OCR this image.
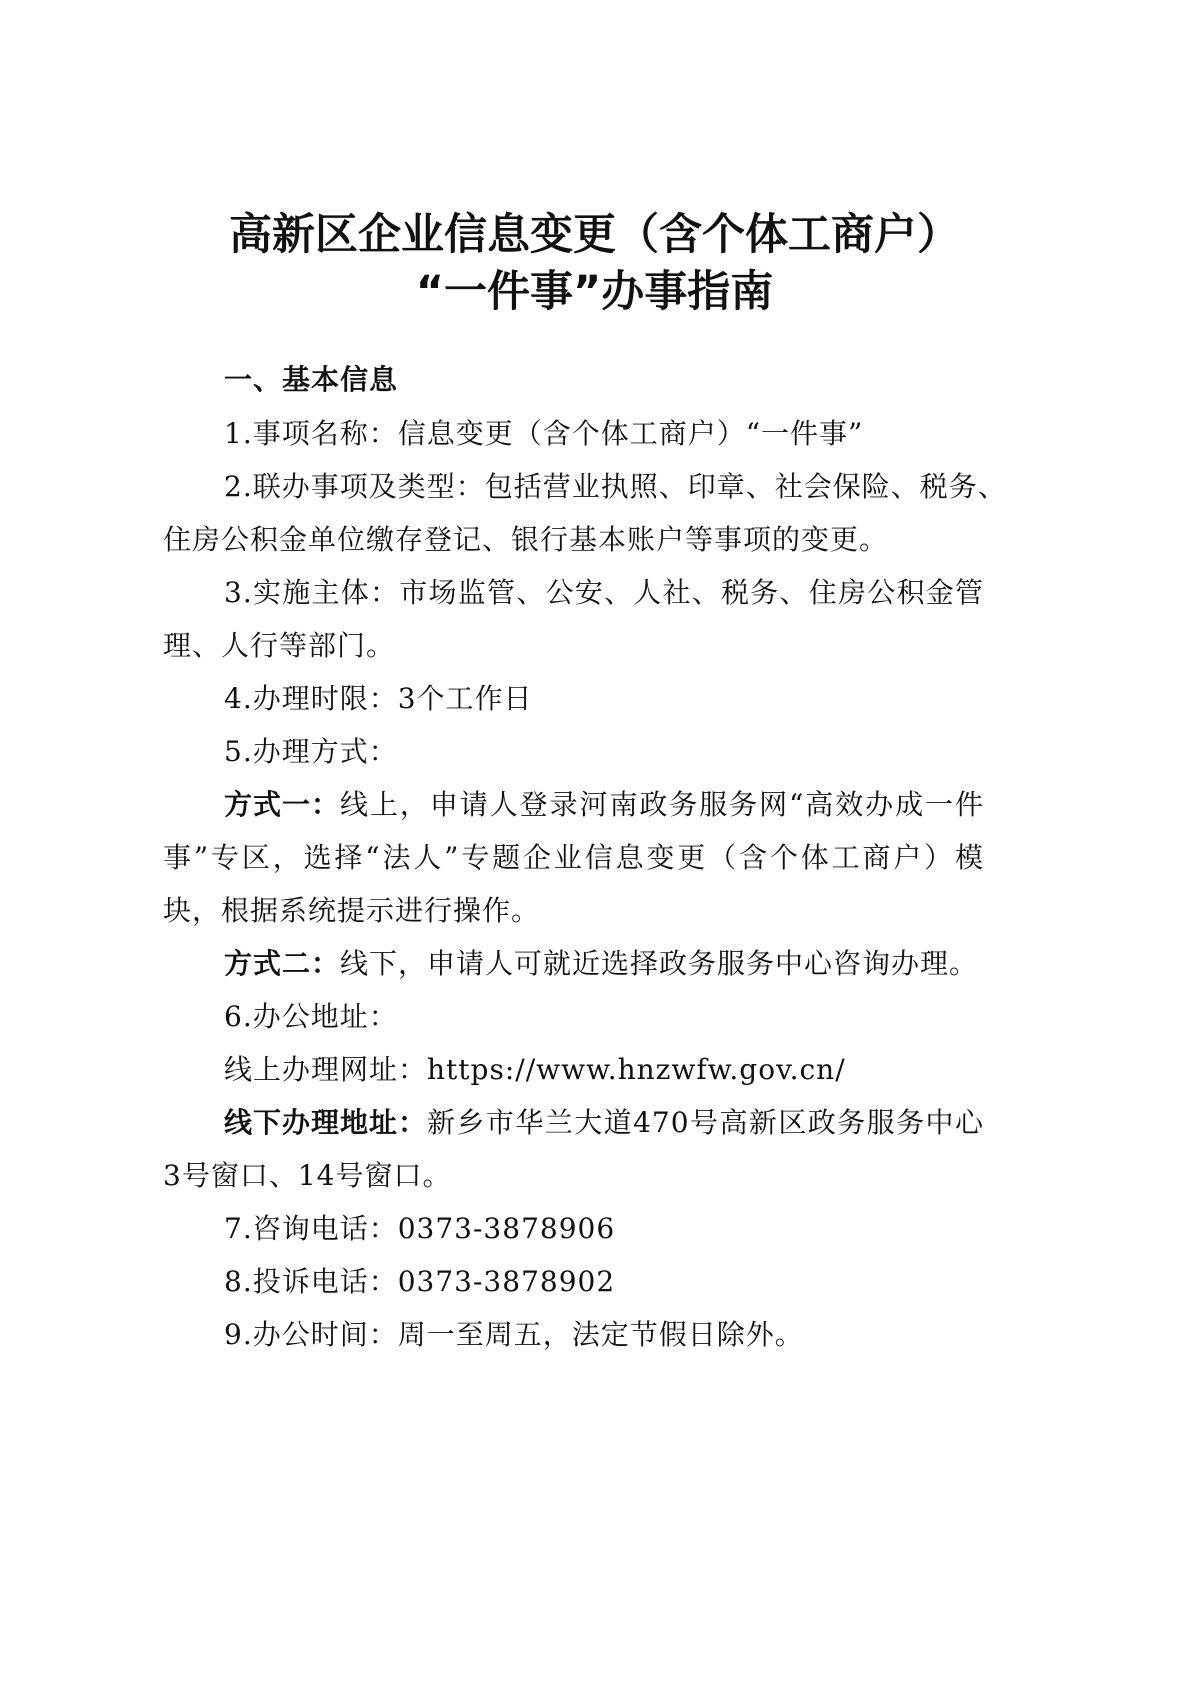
高新区企业信息变更（含个体工商户）
“一件事”办事指南
一、基本信息
1.事项名称：信息变更（含个体工商户）“一件事”
2.联办事项及类型：包括营业执照、印章、社会保险、税务、
住房公积金单位缴存登记、银行基本账户等事项的变更。
3.实施主体：市场监管、公安、人社、税务、住房公积金管
理、人行等部门。
4.办理时限：3个工作日
5.办理方式：
方式一： 线上，申请人登录河南政务服务网“高效办成一件
事”专区，选择“法人”专题企业信息变更（含个体工商户）模
块，根据系统提示进行操作。
方式二：线下，申请人可就近选择政务服务中心咨询办理。
6.办公地址：
线上办理网址：https://www.hnzwfw.gov.cn/
线下办理地址： 新乡市华兰大道470号高新区政务服务中心
3号窗口、14号窗口。
7.咨询电话：0373-3878906
8.投诉电话：0373-3878902
9.办公时间：周一至周五，法定节假日除外。
